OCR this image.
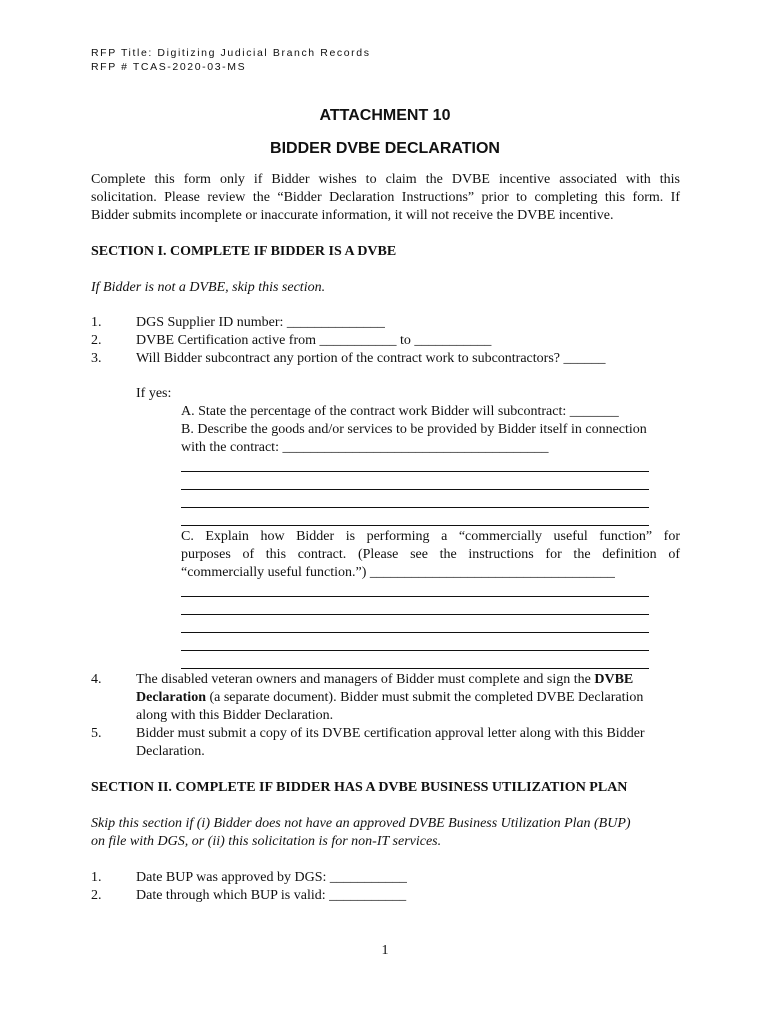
RFP Title: Digitizing Judicial Branch Records
RFP # TCAS-2020-03-MS
ATTACHMENT 10
BIDDER DVBE DECLARATION
Complete this form only if Bidder wishes to claim the DVBE incentive associated with this
solicitation. Please review the “Bidder Declaration Instructions” prior to completing this form. If
Bidder submits incomplete or inaccurate information, it will not receive the DVBE incentive.
SECTION I. COMPLETE IF BIDDER IS A DVBE
If Bidder is not a DVBE, skip this section.
1. DGS Supplier ID number: ______________
2. DVBE Certification active from ___________ to ___________
3. Will Bidder subcontract any portion of the contract work to subcontractors? ______
If yes:
A. State the percentage of the contract work Bidder will subcontract: _______
B. Describe the goods and/or services to be provided by Bidder itself in connection
with the contract: ______________________________________
C. Explain how Bidder is performing a “commercially useful function” for
purposes of this contract. (Please see the instructions for the definition of
“commercially useful function.”) ___________________________________
4. The disabled veteran owners and managers of Bidder must complete and sign the DVBE
Declaration (a separate document). Bidder must submit the completed DVBE Declaration
along with this Bidder Declaration.
5. Bidder must submit a copy of its DVBE certification approval letter along with this Bidder
Declaration.
SECTION II. COMPLETE IF BIDDER HAS A DVBE BUSINESS UTILIZATION PLAN
Skip this section if (i) Bidder does not have an approved DVBE Business Utilization Plan (BUP)
on file with DGS, or (ii) this solicitation is for non-IT services.
1. Date BUP was approved by DGS: ___________
2. Date through which BUP is valid: ___________
1
